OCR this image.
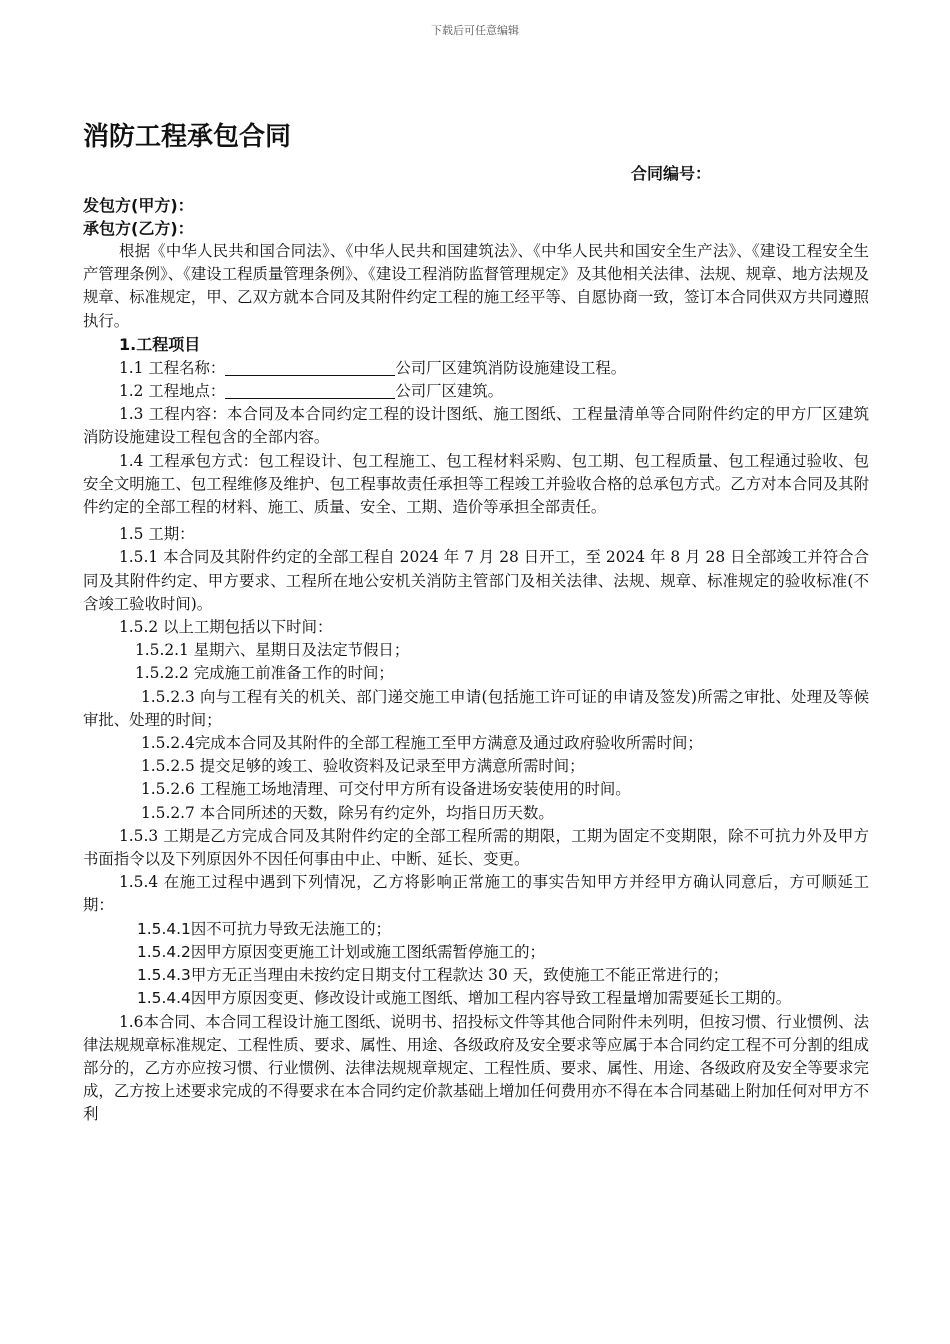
下载后可任意编辑
消防工程承包合同
合同编号：
发包方(甲方)：
承包方(乙方)：

根据《中华人民共和国合同法》、《中华人民共和国建筑法》、《中华人民共和国安全生产法》、《建设工程安全生产管理条例》、《建设工程质量管理条例》、《建设工程消防监督管理规定》及其他相关法律、法规、规章、地方法规及规章、标准规定，甲、乙双方就本合同及其附件约定工程的施工经平等、自愿协商一致，签订本合同供双方共同遵照执行。

1.工程项目

1.1 工程名称：	公司厂区建筑消防设施建设工程。

1.2 工程地点：	公司厂区建筑。

1.3 工程内容：本合同及本合同约定工程的设计图纸、施工图纸、工程量清单等合同附件约定的甲方厂区建筑消防设施建设工程包含的全部内容。

1.4 工程承包方式：包工程设计、包工程施工、包工程材料采购、包工期、包工程质量、包工程通过验收、包安全文明施工、包工程维修及维护、包工程事故责任承担等工程竣工并验收合格的总承包方式。乙方对本合同及其附件约定的全部工程的材料、施工、质量、安全、工期、造价等承担全部责任。

1.5 工期：

1.5.1 本合同及其附件约定的全部工程自 2024 年 7 月 28 日开工，至 2024 年 8 月 28 日全部竣工并符合合同及其附件约定、甲方要求、工程所在地公安机关消防主管部门及相关法律、法规、规章、标准规定的验收标准(不含竣工验收时间)。

1.5.2 以上工期包括以下时间：

1.5.2.1 星期六、星期日及法定节假日；

1.5.2.2 完成施工前准备工作的时间；

1.5.2.3 向与工程有关的机关、部门递交施工申请(包括施工许可证的申请及签发)所需之审批、处理及等候审批、处理的时间；

1.5.2.4完成本合同及其附件的全部工程施工至甲方满意及通过政府验收所需时间；

1.5.2.5 提交足够的竣工、验收资料及记录至甲方满意所需时间；

1.5.2.6 工程施工场地清理、可交付甲方所有设备进场安装使用的时间。

1.5.2.7 本合同所述的天数，除另有约定外，均指日历天数。

1.5.3 工期是乙方完成合同及其附件约定的全部工程所需的期限，工期为固定不变期限，除不可抗力外及甲方书面指令以及下列原因外不因任何事由中止、中断、延长、变更。

1.5.4 在施工过程中遇到下列情况，乙方将影响正常施工的事实告知甲方并经甲方确认同意后，方可顺延工期：

1.5.4.1因不可抗力导致无法施工的；

1.5.4.2因甲方原因变更施工计划或施工图纸需暂停施工的；

1.5.4.3甲方无正当理由未按约定日期支付工程款达 30 天，致使施工不能正常进行的；

1.5.4.4因甲方原因变更、修改设计或施工图纸、增加工程内容导致工程量增加需要延长工期的。

1.6本合同、本合同工程设计施工图纸、说明书、招投标文件等其他合同附件未列明，但按习惯、行业惯例、法律法规规章标准规定、工程性质、要求、属性、用途、各级政府及安全要求等应属于本合同约定工程不可分割的组成部分的，乙方亦应按习惯、行业惯例、法律法规规章规定、工程性质、要求、属性、用途、各级政府及安全等要求完成，乙方按上述要求完成的不得要求在本合同约定价款基础上增加任何费用亦不得在本合同基础上附加任何对甲方不利
